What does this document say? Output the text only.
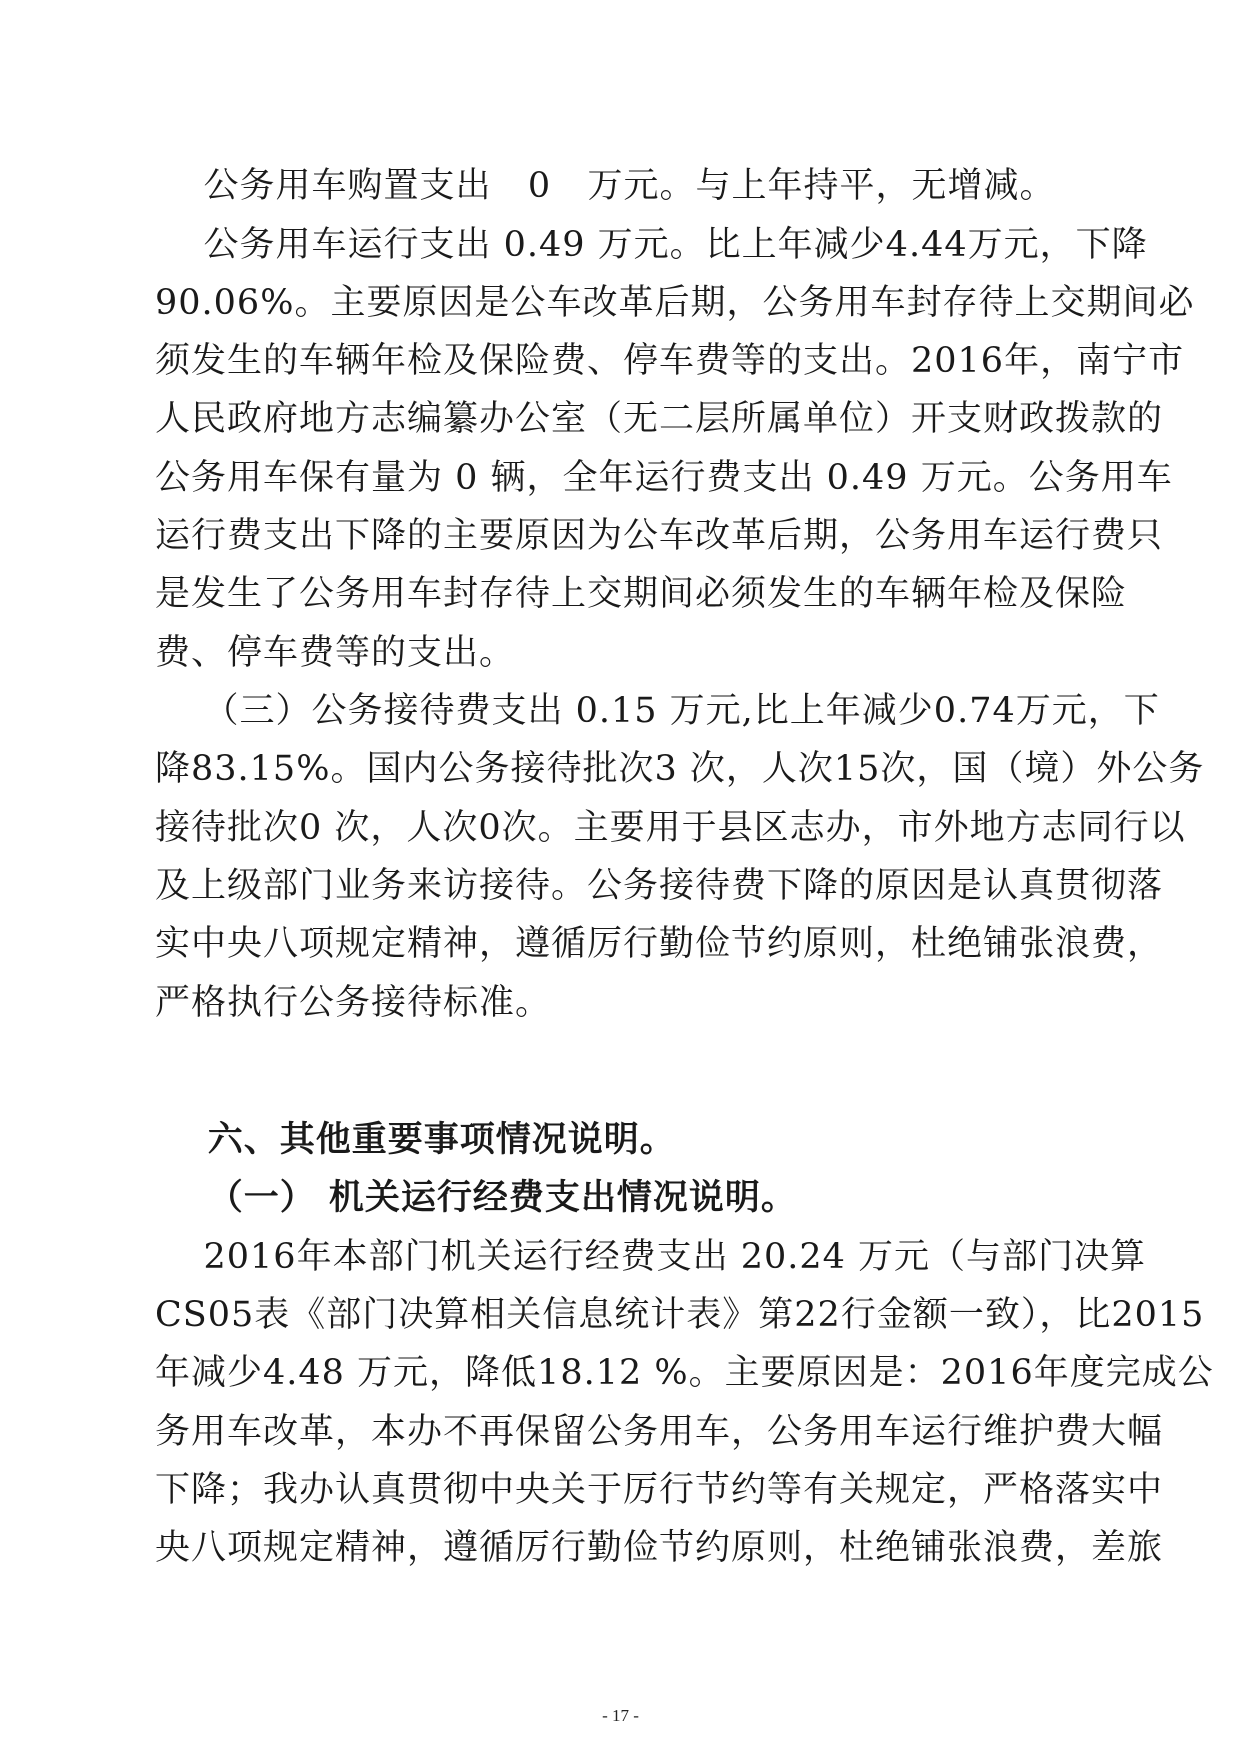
公务用车购置支出   0   万元。与上年持平，无增减。
公务用车运行支出 0.49 万元。比上年减少4.44万元，下降
90.06%。主要原因是公车改革后期，公务用车封存待上交期间必
须发生的车辆年检及保险费、停车费等的支出。2016年，南宁市
人民政府地方志编纂办公室（无二层所属单位）开支财政拨款的
公务用车保有量为 0 辆，全年运行费支出 0.49 万元。公务用车
运行费支出下降的主要原因为公车改革后期，公务用车运行费只
是发生了公务用车封存待上交期间必须发生的车辆年检及保险
费、停车费等的支出。
（三）公务接待费支出 0.15 万元,比上年减少0.74万元，下
降83.15%。国内公务接待批次3 次，人次15次，国（境）外公务
接待批次0 次，人次0次。主要用于县区志办，市外地方志同行以
及上级部门业务来访接待。公务接待费下降的原因是认真贯彻落
实中央八项规定精神，遵循厉行勤俭节约原则，杜绝铺张浪费，
严格执行公务接待标准。
六、其他重要事项情况说明。
（一） 机关运行经费支出情况说明。
2016年本部门机关运行经费支出 20.24 万元（与部门决算
CS05表《部门决算相关信息统计表》第22行金额一致），比2015
年减少4.48 万元，降低18.12 %。主要原因是：2016年度完成公
务用车改革，本办不再保留公务用车，公务用车运行维护费大幅
下降；我办认真贯彻中央关于厉行节约等有关规定，严格落实中
央八项规定精神，遵循厉行勤俭节约原则，杜绝铺张浪费，差旅
- 17 -
